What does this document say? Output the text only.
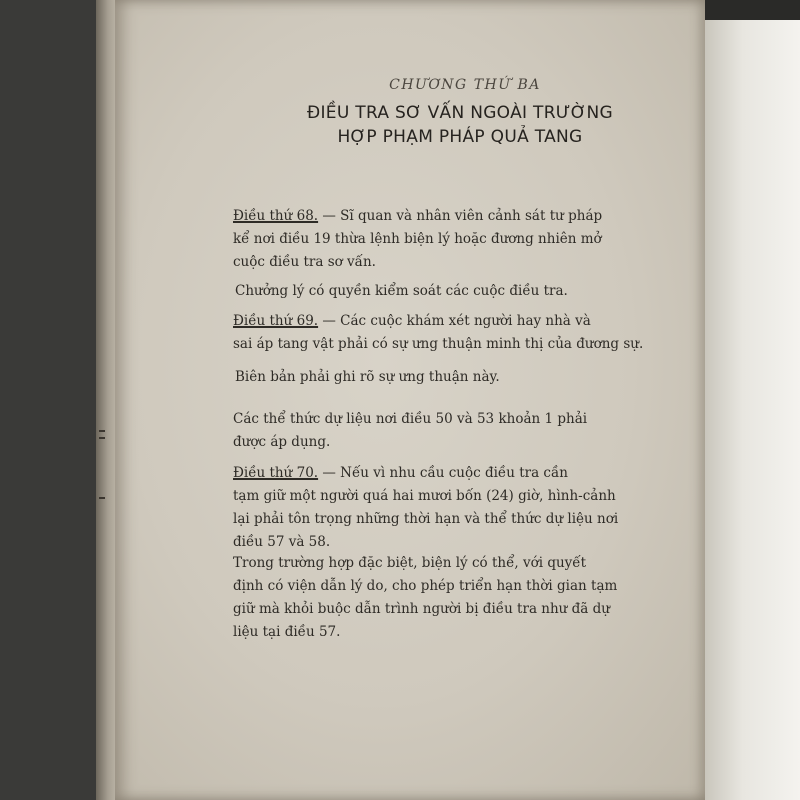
CHƯƠNG THỨ BA
ĐIỀU TRA SƠ VẤN NGOÀI TRƯỜNG
HỢP PHẠM PHÁP QUẢ TANG
Điều thứ 68. — Sĩ quan và nhân viên cảnh sát tư pháp
kể nơi điều 19 thừa lệnh biện lý hoặc đương nhiên mở
cuộc điều tra sơ vấn.
Chưởng lý có quyền kiểm soát các cuộc điều tra.
Điều thứ 69. — Các cuộc khám xét người hay nhà và
sai áp tang vật phải có sự ưng thuận minh thị của đương sự.
Biên bản phải ghi rõ sự ưng thuận này.
Các thể thức dự liệu nơi điều 50 và 53 khoản 1 phải
được áp dụng.
Điều thứ 70. — Nếu vì nhu cầu cuộc điều tra cần
tạm giữ một người quá hai mươi bốn (24) giờ, hình-cảnh
lại phải tôn trọng những thời hạn và thể thức dự liệu nơi
điều 57 và 58.
Trong trường hợp đặc biệt, biện lý có thể, với quyết
định có viện dẫn lý do, cho phép triển hạn thời gian tạm
giữ mà khỏi buộc dẫn trình người bị điều tra như đã dự
liệu tại điều 57.
